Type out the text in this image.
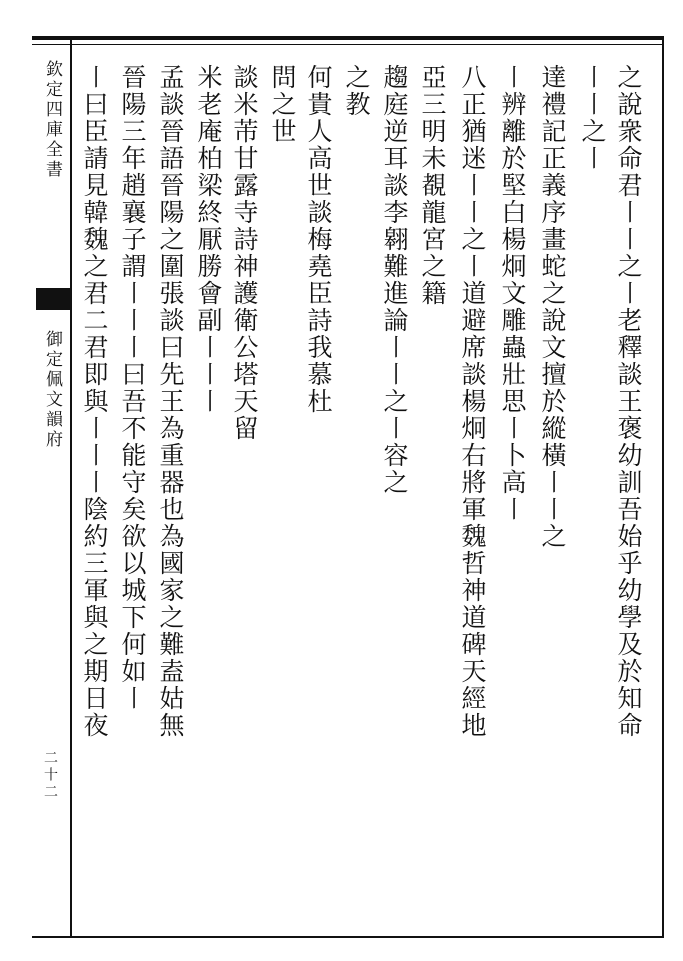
欽定四庫全書
御定佩文韻府
二十二
之說衆命君〡〡之〡老釋談王褒幼訓吾始乎幼學及於知命
〡〡之〡
達禮記正義序畫蛇之說文擅於縱橫〡〡之
〡辨離於堅白楊炯文雕蟲壯思〡卜高〡
八正猶迷〡〡之〡道避席談楊炯右將軍魏哲神道碑天經地
亞三明未覩龍宮之籍
趨庭逆耳談李翱難進論〡〡之〡容之
之教
何貴人高世談梅堯臣詩我慕杜
問之世
談米芾甘露寺詩神護衛公塔天留
米老庵柏梁終厭勝會副〡〡〡
孟談晉語晉陽之圍張談曰先王為重器也為國家之難盍姑無
晉陽三年趙襄子謂〡〡〡曰吾不能守矣欲以城下何如〡
〡曰臣請見韓魏之君二君即與〡〡〡陰約三軍與之期日夜
